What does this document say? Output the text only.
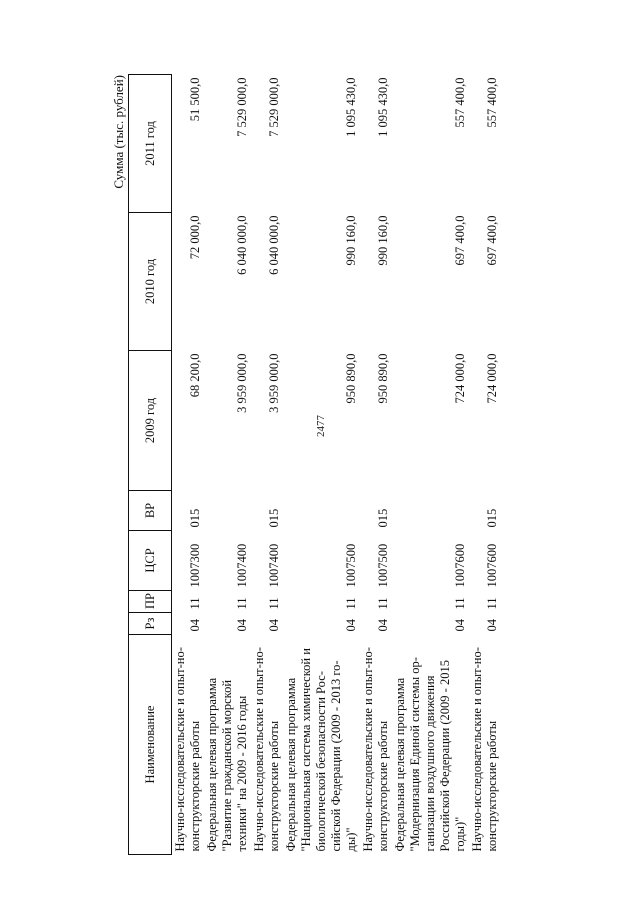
2477
Сумма (тыс. рублей)
Наименование	Рз	ПР	ЦСР	ВР	2009 год	2010 год	2011 год
Научно-исследовательские и опыт-но-конструкторские работы	04	11	1007300	015	68 200,0	72 000,0	51 500,0
Федеральная целевая программа "Развитие гражданской морской техники" на 2009 - 2016 годы	04	11	1007400		3 959 000,0	6 040 000,0	7 529 000,0
Научно-исследовательские и опыт-но-конструкторские работы	04	11	1007400	015	3 959 000,0	6 040 000,0	7 529 000,0
Федеральная целевая программа "Национальная система химической и биологической безопасности Рос-сийской Федерации (2009 - 2013 го-ды)"	04	11	1007500		950 890,0	990 160,0	1 095 430,0
Научно-исследовательские и опыт-но-конструкторские работы	04	11	1007500	015	950 890,0	990 160,0	1 095 430,0
Федеральная целевая программа "Модернизация Единой системы ор-ганизации воздушного движения Российской Федерации (2009 - 2015 годы)"	04	11	1007600		724 000,0	697 400,0	557 400,0
Научно-исследовательские и опыт-но-конструкторские работы	04	11	1007600	015	724 000,0	697 400,0	557 400,0
